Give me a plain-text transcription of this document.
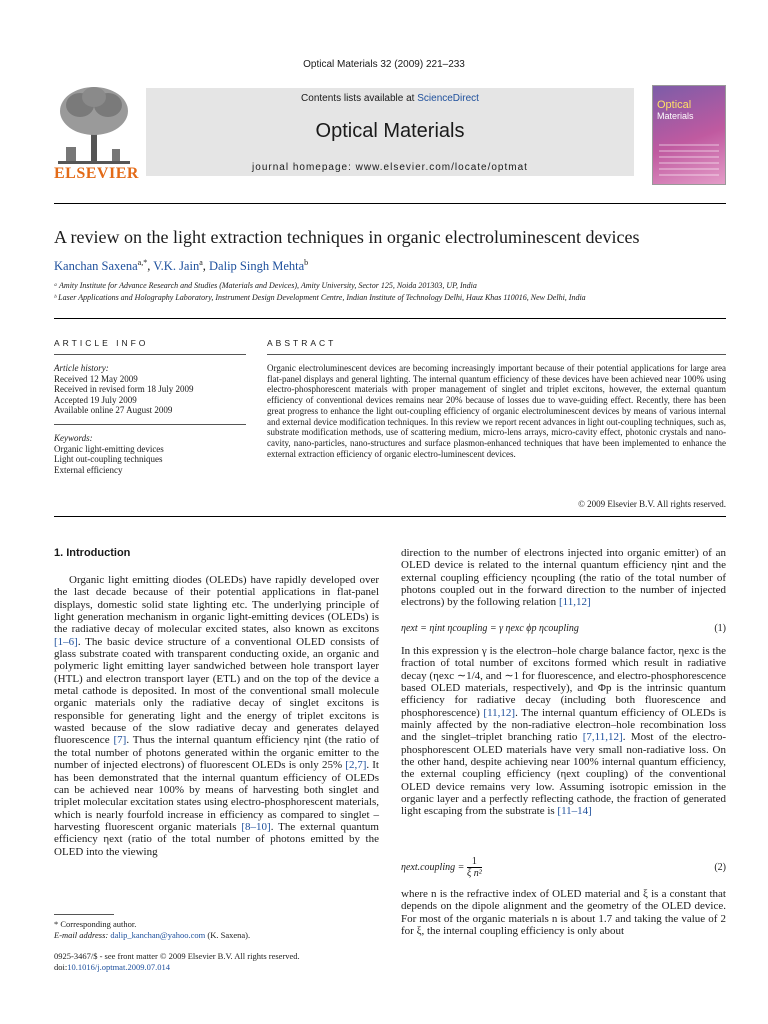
Optical Materials 32 (2009) 221–233
ELSEVIER
Contents lists available at ScienceDirect
Optical Materials
journal homepage: www.elsevier.com/locate/optmat
Optical
Materials
A review on the light extraction techniques in organic electroluminescent devices
Kanchan Saxena$^{a,*}$, V.K. Jain$^a$, Dalip Singh Mehta$^b$
ᵃ Amity Institute for Advance Research and Studies (Materials and Devices), Amity University, Sector 125, Noida 201303, UP, India
ᵇ Laser Applications and Holography Laboratory, Instrument Design Development Centre, Indian Institute of Technology Delhi, Hauz Khas 110016, New Delhi, India
ARTICLE INFO	ABSTRACT
Article history:
Received 12 May 2009
Received in revised form 18 July 2009
Accepted 19 July 2009
Available online 27 August 2009
Keywords:
Organic light-emitting devices
Light out-coupling techniques
External efficiency
Organic electroluminescent devices are becoming increasingly important because of their potential applications for large area flat-panel displays and general lighting. The internal quantum efficiency of these devices have been achieved near 100% using electro-phosphorescent materials with proper management of singlet and triplet excitons, however, the external quantum efficiency of conventional devices remains near 20% because of losses due to wave-guiding effect. Recently, there has been great progress to enhance the light out-coupling efficiency of organic electroluminescent devices by means of various internal and external device modification techniques. In this review we report recent advances in light out-coupling techniques, such as, substrate modification methods, use of scattering medium, micro-lens arrays, micro-cavity effect, photonic crystals and nano-cavity, nano-particles, nano-structures and surface plasmon-enhanced techniques that have been implemented to enhance the external extraction efficiency of organic electro-luminescent devices.
© 2009 Elsevier B.V. All rights reserved.
1. Introduction

Organic light emitting diodes (OLEDs) have rapidly developed over the last decade because of their potential applications in flat-panel displays, domestic solid state lighting etc. The underlying principle of light generation mechanism in organic light-emitting devices (OLEDs) is the radiative decay of molecular excited states, also known as excitons [1–6]. The basic device structure of a conventional OLED consists of glass substrate coated with transparent conducting oxide, an organic and polymeric light emitting layer sandwiched between hole transport layer (HTL) and electron transport layer (ETL) and on the top of the device a metal cathode is deposited. In most of the conventional small molecule organic materials only the radiative decay of singlet excitons is responsible for generating light and the energy of triplet excitons is wasted because of the slow radiative decay and generates delayed fluorescence [7]. Thus the internal quantum efficiency ηint (the ratio of the total number of photons generated within the organic emitter to the number of injected electrons) of fluorescent OLEDs is only 25% [2,7]. It has been demonstrated that the internal quantum efficiency of OLEDs can be achieved near 100% by means of harvesting both singlet and triplet molecular excitation states using electro-phosphorescent materials, which is nearly fourfold increase in efficiency as compared to singlet – harvesting fluorescent organic materials [8–10]. The external quantum efficiency ηext (ratio of the total number of photons emitted by the OLED into the viewing

direction to the number of electrons injected into organic emitter) of an OLED device is related to the internal quantum efficiency ηint and the external coupling efficiency ηcoupling (the ratio of the total number of photons coupled out in the forward direction to the number of injected electrons) by the following relation [11,12]
ηext = ηint ηcoupling = γ ηexc ϕp ηcoupling	(1)
In this expression γ is the electron–hole charge balance factor, ηexc is the fraction of total number of excitons formed which result in radiative decay (ηexc ∼1/4, and ∼1 for fluorescence, and electro-phosphorescence based OLED materials, respectively), and Φp is the intrinsic quantum efficiency for radiative decay (including both fluorescence and phosphorescence) [11,12]. The internal quantum efficiency of OLEDs is mainly affected by the non-radiative electron–hole recombination loss and the singlet–triplet branching ratio [7,11,12]. Most of the electro-phosphorescent OLED materials have very small non-radiative loss. On the other hand, despite achieving near 100% internal quantum efficiency, the external coupling efficiency (ηext coupling) of the conventional OLED device remains very low. Assuming isotropic emission in the organic layer and a perfectly reflecting cathode, the fraction of generated light escaping from the substrate is [11–14]
ηext.coupling = $\frac{1}{\text{ξ n²}}$	(2)
where n is the refractive index of OLED material and ξ is a constant that depends on the dipole alignment and the geometry of the OLED device. For most of the organic materials n is about 1.7 and taking the value of 2 for ξ, the internal coupling efficiency is only about
* Corresponding author.
E-mail address: dalip_kanchan@yahoo.com (K. Saxena).
0925-3467/$ - see front matter © 2009 Elsevier B.V. All rights reserved.
doi:10.1016/j.optmat.2009.07.014
